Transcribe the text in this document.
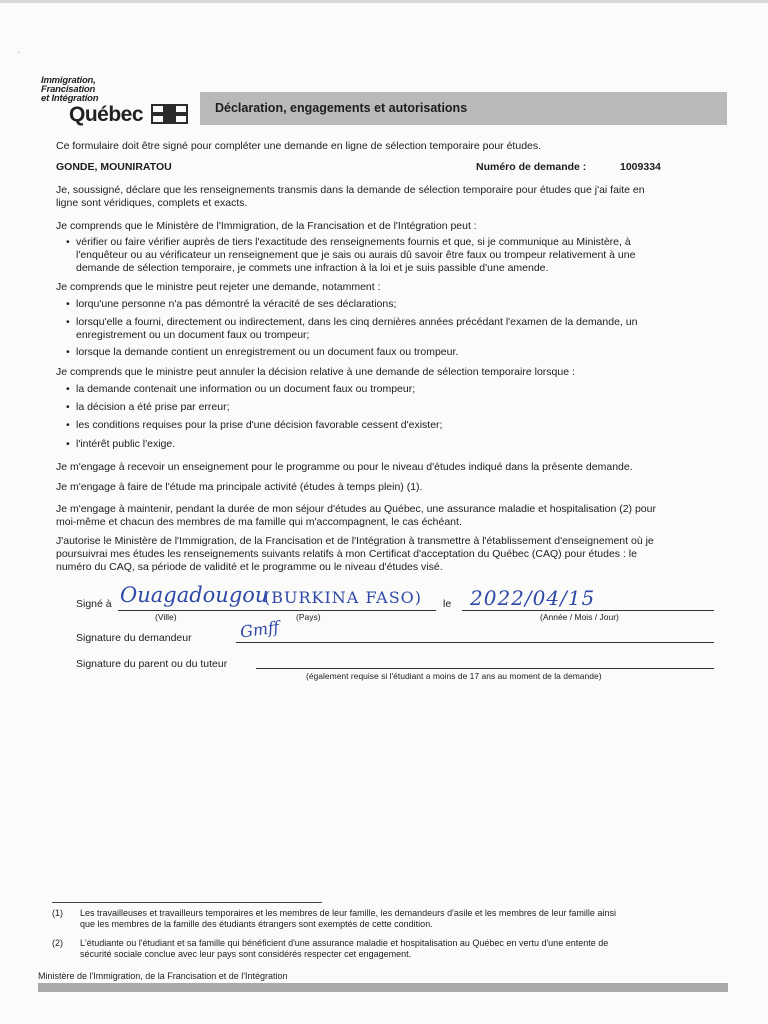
ʹ
Immigration,
Francisation
et Intégration
Québec	Déclaration, engagements et autorisations
Ce formulaire doit être signé pour compléter une demande en ligne de sélection temporaire pour études.
GONDE, MOUNIRATOU	Numéro de demande :	1009334
Je, soussigné, déclare que les renseignements transmis dans la demande de sélection temporaire pour études que j'ai faite en
ligne sont véridiques, complets et exacts.
Je comprends que le Ministère de l'Immigration, de la Francisation et de l'Intégration peut :
• vérifier ou faire vérifier auprès de tiers l'exactitude des renseignements fournis et que, si je communique au Ministère, à
l'enquêteur ou au vérificateur un renseignement que je sais ou aurais dû savoir être faux ou trompeur relativement à une
demande de sélection temporaire, je commets une infraction à la loi et je suis passible d'une amende.
Je comprends que le ministre peut rejeter une demande, notamment :
• lorqu'une personne n'a pas démontré la véracité de ses déclarations;
• lorsqu'elle a fourni, directement ou indirectement, dans les cinq dernières années précédant l'examen de la demande, un
enregistrement ou un document faux ou trompeur;
• lorsque la demande contient un enregistrement ou un document faux ou trompeur.
Je comprends que le ministre peut annuler la décision relative à une demande de sélection temporaire lorsque :
• la demande contenait une information ou un document faux ou trompeur;
• la décision a été prise par erreur;
• les conditions requises pour la prise d'une décision favorable cessent d'exister;
• l'intérêt public l'exige.
Je m'engage à recevoir un enseignement pour le programme ou pour le niveau d'études indiqué dans la présente demande.
Je m'engage à faire de l'étude ma principale activité (études à temps plein) (1).
Je m'engage à maintenir, pendant la durée de mon séjour d'études au Québec, une assurance maladie et hospitalisation (2) pour
moi-même et chacun des membres de ma famille qui m'accompagnent, le cas échéant.
J'autorise le Ministère de l'Immigration, de la Francisation et de l'Intégration à transmettre à l'établissement d'enseignement où je
poursuivrai mes études les renseignements suivants relatifs à mon Certificat d'acceptation du Québec (CAQ) pour études : le
numéro du CAQ, sa période de validité et le programme ou le niveau d'études visé.
Signé à Ouagadougou
(BURKINA FASO) le 2022/04/15
(Ville)	(Pays)	(Année / Mois / Jour)
Signature du demandeur	Gmff
Signature du parent ou du tuteur
(également requise si l'étudiant a moins de 17 ans au moment de la demande)
(1) Les travailleuses et travailleurs temporaires et les membres de leur famille, les demandeurs d'asile et les membres de leur famille ainsi
que les membres de la famille des étudiants étrangers sont exemptés de cette condition.
(2) L'étudiante ou l'étudiant et sa famille qui bénéficient d'une assurance maladie et hospitalisation au Québec en vertu d'une entente de
sécurité sociale conclue avec leur pays sont considérés respecter cet engagement.
Ministère de l'Immigration, de la Francisation et de l'Intégration
